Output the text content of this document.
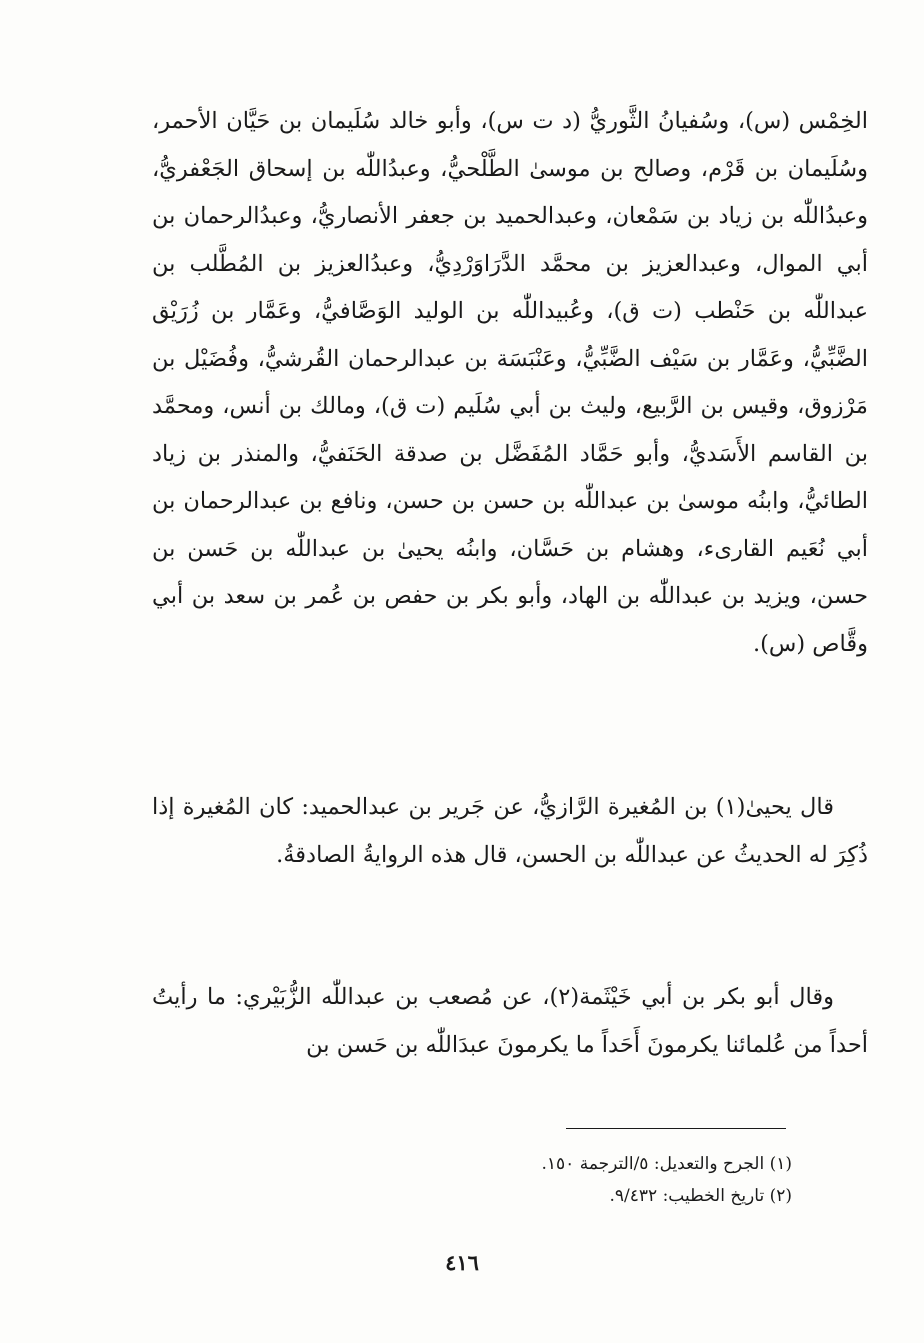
الخِمْس (س)، وسُفيانُ الثَّوريُّ (د ت س)، وأبو خالد سُلَيمان بن حَيَّان الأحمر، وسُلَيمان بن قَرْم، وصالح بن موسىٰ الطَّلْحيُّ، وعبدُاللّٰه بن إسحاق الجَعْفريُّ، وعبدُاللّٰه بن زياد بن سَمْعان، وعبدالحميد بن جعفر الأنصاريُّ، وعبدُالرحمان بن أبي الموال، وعبدالعزيز بن محمَّد الدَّرَاوَرْدِيُّ، وعبدُالعزيز بن المُطَّلب بن عبداللّٰه بن حَنْطب (ت ق)، وعُبيداللّٰه بن الوليد الوَصَّافيُّ، وعَمَّار بن زُرَيْق الضَّبِّيُّ، وعَمَّار بن سَيْف الضَّبِّيُّ، وعَنْبَسَة بن عبدالرحمان القُرشيُّ، وفُضَيْل بن مَرْزوق، وقيس بن الرَّبيع، وليث بن أبي سُلَيم (ت ق)، ومالك بن أنس، ومحمَّد بن القاسم الأَسَديُّ، وأبو حَمَّاد المُفَضَّل بن صدقة الحَنَفيُّ، والمنذر بن زياد الطائيُّ، وابنُه موسىٰ بن عبداللّٰه بن حسن بن حسن، ونافع بن عبدالرحمان بن أبي نُعَيم القارىء، وهشام بن حَسَّان، وابنُه يحيىٰ بن عبداللّٰه بن حَسن بن حسن، ويزيد بن عبداللّٰه بن الهاد، وأبو بكر بن حفص بن عُمر بن سعد بن أبي وقَّاص (س).

قال يحيىٰ(١) بن المُغيرة الرَّازيُّ، عن جَرير بن عبدالحميد: كان المُغيرة إذا ذُكِرَ له الحديثُ عن عبداللّٰه بن الحسن، قال هذه الروايةُ الصادقةُ.

وقال أبو بكر بن أبي خَيْثَمة(٢)، عن مُصعب بن عبداللّٰه الزُّبَيْري: ما رأيتُ أحداً من عُلمائنا يكرمونَ أَحَداً ما يكرمونَ عبدَاللّٰه بن حَسن بن

(١) الجرح والتعديل: ٥/الترجمة ١٥٠.

(٢) تاريخ الخطيب: ٩/٤٣٢.

٤١٦
